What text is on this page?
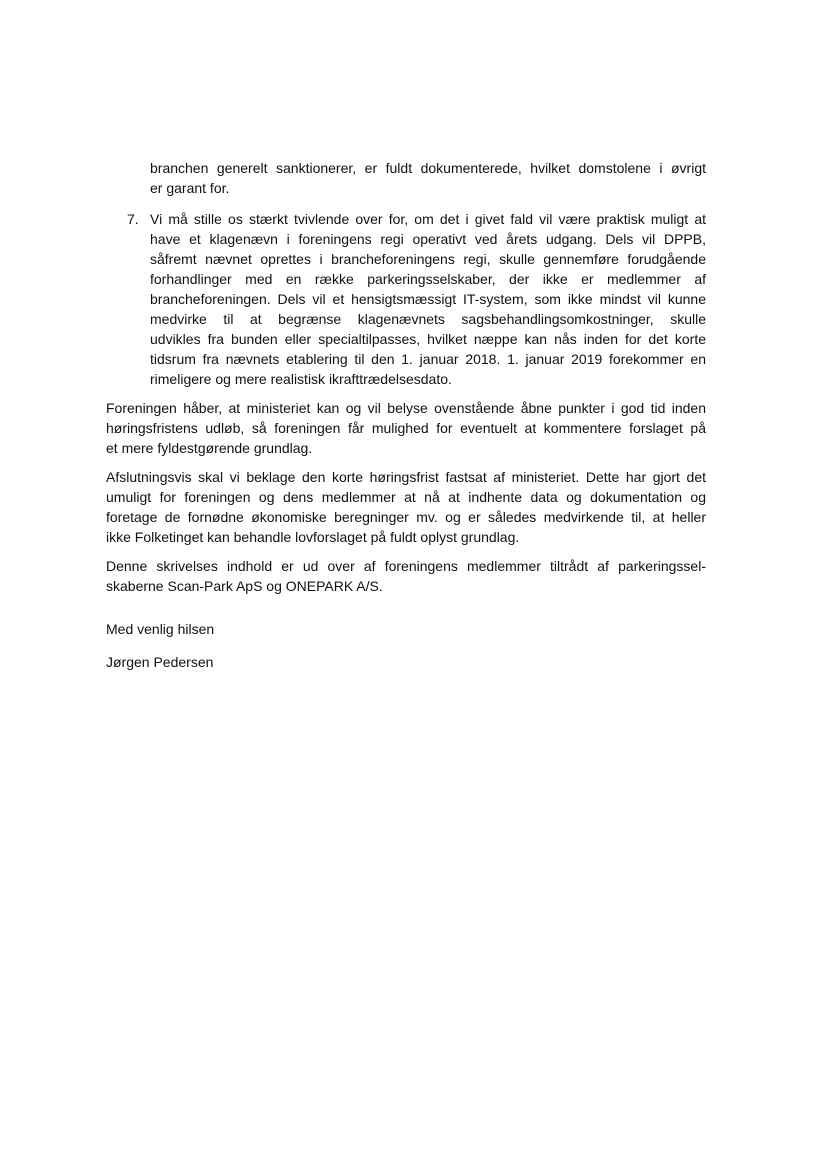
branchen generelt sanktionerer, er fuldt dokumenterede, hvilket domstolene i øvrigt
er garant for.
7. Vi må stille os stærkt tvivlende over for, om det i givet fald vil være praktisk muligt at
have et klagenævn i foreningens regi operativt ved årets udgang. Dels vil DPPB,
såfremt nævnet oprettes i brancheforeningens regi, skulle gennemføre forudgående
forhandlinger med en række parkeringsselskaber, der ikke er medlemmer af
brancheforeningen. Dels vil et hensigtsmæssigt IT-system, som ikke mindst vil kunne
medvirke til at begrænse klagenævnets sagsbehandlingsomkostninger, skulle
udvikles fra bunden eller specialtilpasses, hvilket næppe kan nås inden for det korte
tidsrum fra nævnets etablering til den 1. januar 2018. 1. januar 2019 forekommer en
rimeligere og mere realistisk ikrafttrædelsesdato.
Foreningen håber, at ministeriet kan og vil belyse ovenstående åbne punkter i god tid inden
høringsfristens udløb, så foreningen får mulighed for eventuelt at kommentere forslaget på
et mere fyldestgørende grundlag.
Afslutningsvis skal vi beklage den korte høringsfrist fastsat af ministeriet. Dette har gjort det
umuligt for foreningen og dens medlemmer at nå at indhente data og dokumentation og
foretage de fornødne økonomiske beregninger mv. og er således medvirkende til, at heller
ikke Folketinget kan behandle lovforslaget på fuldt oplyst grundlag.
Denne skrivelses indhold er ud over af foreningens medlemmer tiltrådt af parkeringssel-
skaberne Scan-Park ApS og ONEPARK A/S.
Med venlig hilsen
Jørgen Pedersen
